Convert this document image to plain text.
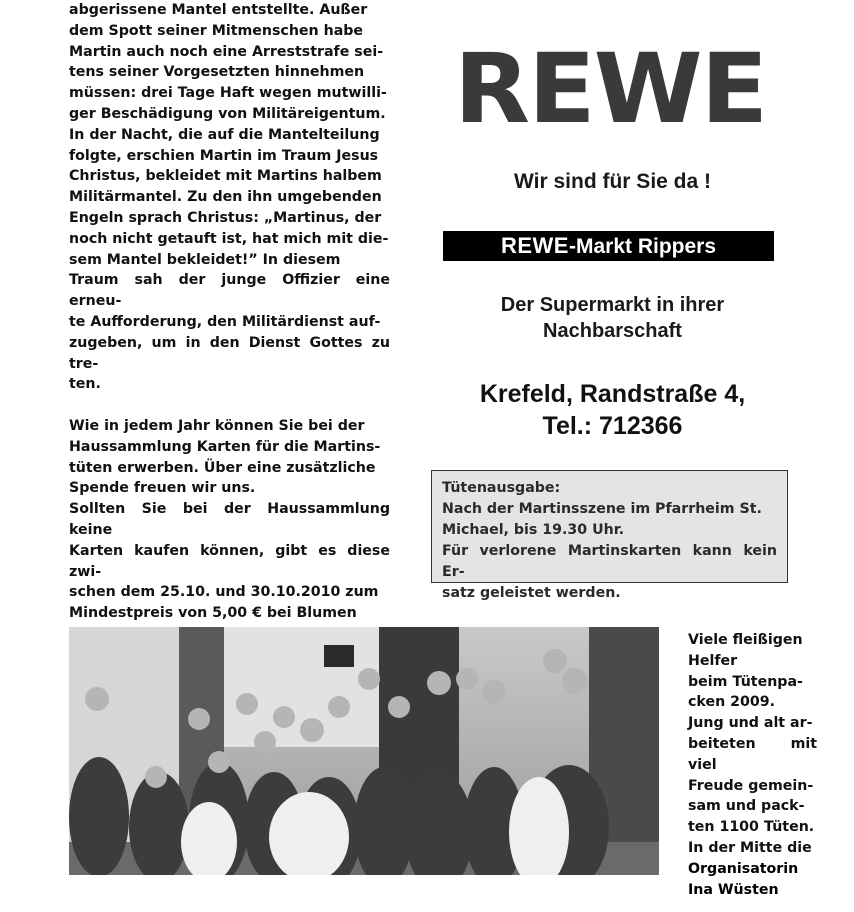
abgerissene Mantel entstellte. Außer

dem Spott seiner Mitmenschen habe

Martin auch noch eine Arreststrafe sei-

tens seiner Vorgesetzten hinnehmen

müssen: drei Tage Haft wegen mutwilli-

ger Beschädigung von Militäreigentum.

In der Nacht, die auf die Mantelteilung

folgte, erschien Martin im Traum Jesus

Christus, bekleidet mit Martins halbem

Militärmantel. Zu den ihn umgebenden

Engeln sprach Christus: „Martinus, der

noch nicht getauft ist, hat mich mit die-

sem Mantel bekleidet!” In diesem

Traum sah der junge Offizier eine erneu-

te Aufforderung, den Militärdienst auf-

zugeben, um in den Dienst Gottes zu tre-

ten.

Wie in jedem Jahr können Sie bei der

Haussammlung Karten für die Martins-

tüten erwerben. Über eine zusätzliche

Spende freuen wir uns.

Sollten Sie bei der Haussammlung keine

Karten kaufen können, gibt es diese zwi-

schen dem 25.10. und 30.10.2010 zum

Mindestpreis von 5,00 € bei Blumen

REWE
Wir sind für Sie da !
REWE-Markt Rippers
Der Supermarkt in ihrer
Nachbarschaft
Krefeld, Randstraße 4,
Tel.: 712366

Tütenausgabe:

Nach der Martinsszene im Pfarrheim St.

Michael, bis 19.30 Uhr.

Für verlorene Martinskarten kann kein Er-

satz geleistet werden.

Viele fleißigen

Helfer

beim Tütenpa-

cken 2009.

Jung und alt ar-

beiteten mit viel

Freude gemein-

sam und pack-

ten 1100 Tüten.

In der Mitte die

Organisatorin

Ina Wüsten
